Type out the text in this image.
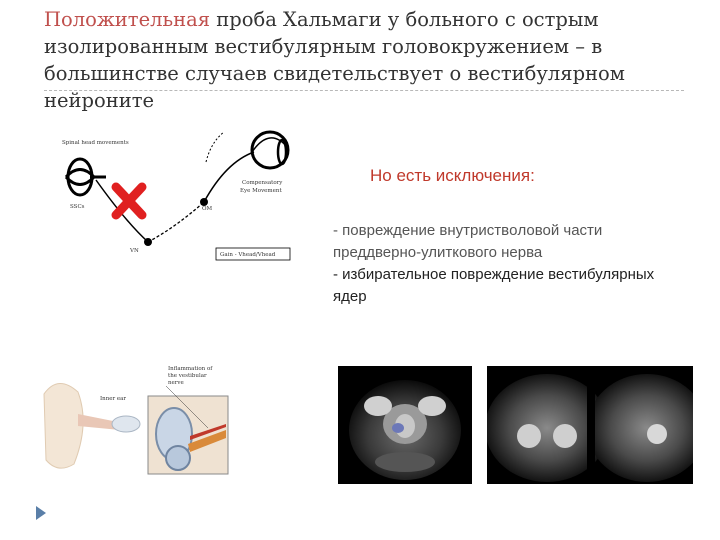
Положительная проба Хальмаги у больного с острым изолированным вестибулярным головокружением – в большинстве случаев свидетельствует о вестибулярном нейроните
Spinal head movements
SSCs
VN
OM
Compensatory
Eye Movement
Gain - Vhead/Vhead
Но есть исключения:
- повреждение внутриствoловой части преддверно-улиткового нерва
- избирательное повреждение вестибулярных ядер
Inner ear
Inflammation of
the vestibular
nerve
